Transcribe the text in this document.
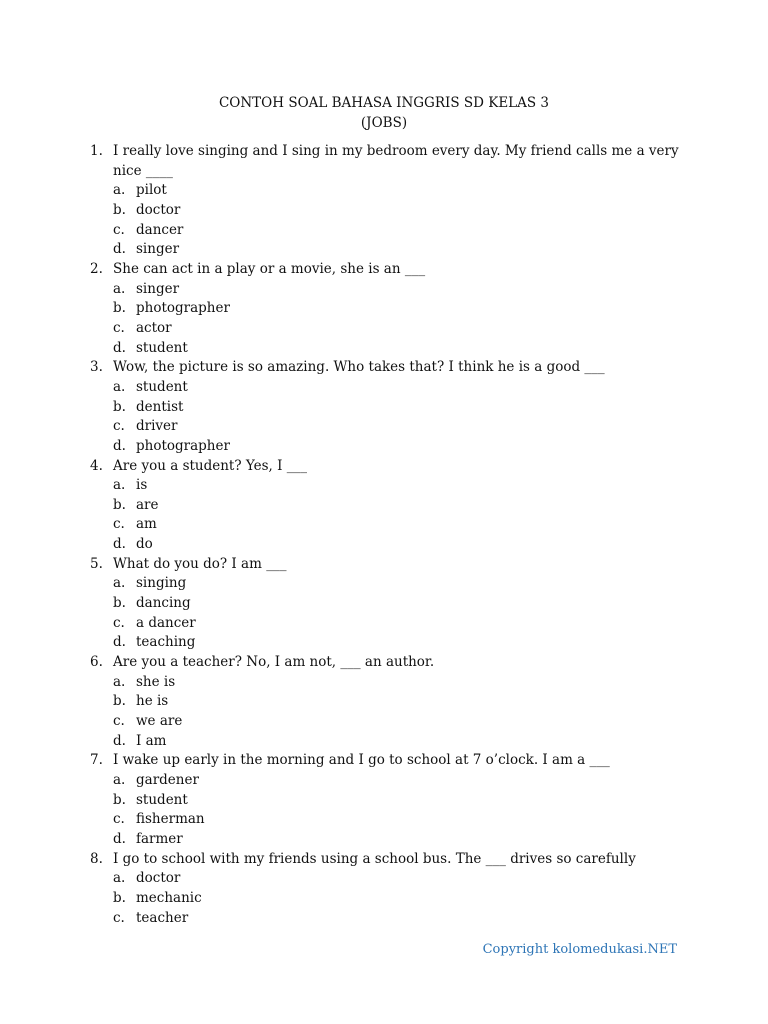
CONTOH SOAL BAHASA INGGRIS SD KELAS 3
(JOBS)
1. I really love singing and I sing in my bedroom every day. My friend calls me a very nice ____
a. pilot
b. doctor
c. dancer
d. singer
2. She can act in a play or a movie, she is an ___
a. singer
b. photographer
c. actor
d. student
3. Wow, the picture is so amazing. Who takes that? I think he is a good ___
a. student
b. dentist
c. driver
d. photographer
4. Are you a student? Yes, I ___
a. is
b. are
c. am
d. do
5. What do you do? I am ___
a. singing
b. dancing
c. a dancer
d. teaching
6. Are you a teacher? No, I am not, ___ an author.
a. she is
b. he is
c. we are
d. I am
7. I wake up early in the morning and I go to school at 7 o’clock. I am a ___
a. gardener
b. student
c. fisherman
d. farmer
8. I go to school with my friends using a school bus. The ___ drives so carefully
a. doctor
b. mechanic
c. teacher
Copyright kolomedukasi.NET
